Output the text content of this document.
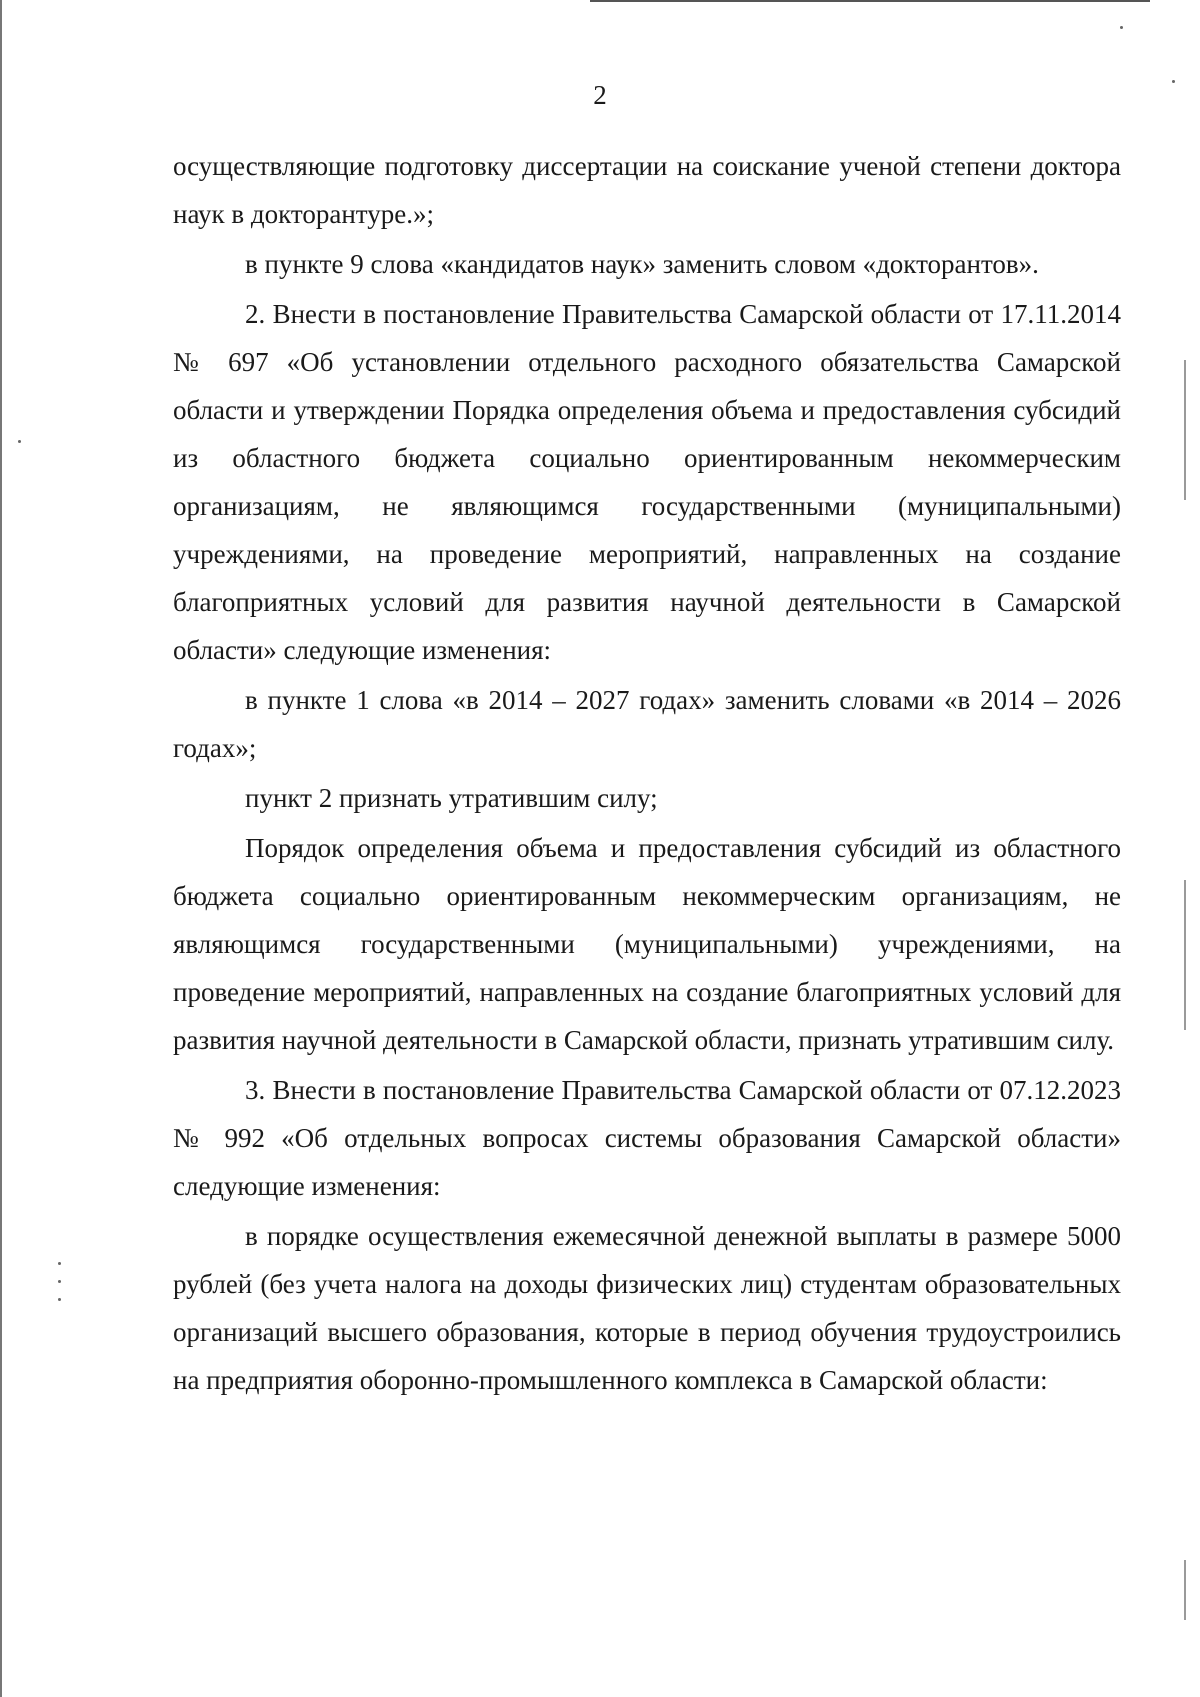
2

осуществляющие подготовку диссертации на соискание ученой степени доктора наук в докторантуре.»;

в пункте 9 слова «кандидатов наук» заменить словом «докторантов».

2. Внести в постановление Правительства Самарской области от 17.11.2014 № 697 «Об установлении отдельного расходного обязательства Самарской области и утверждении Порядка определения объема и предоставления субсидий из областного бюджета социально ориентированным некоммерческим организациям, не являющимся государственными (муниципальными) учреждениями, на проведение мероприятий, направленных на создание благоприятных условий для развития научной деятельности в Самарской области» следующие изменения:

в пункте 1 слова «в 2014 – 2027 годах» заменить словами «в 2014 – 2026 годах»;

пункт 2 признать утратившим силу;

Порядок определения объема и предоставления субсидий из областного бюджета социально ориентированным некоммерческим организациям, не являющимся государственными (муниципальными) учреждениями, на проведение мероприятий, направленных на создание благоприятных условий для развития научной деятельности в Самарской области, признать утратившим силу.

3. Внести в постановление Правительства Самарской области от 07.12.2023 № 992 «Об отдельных вопросах системы образования Самарской области» следующие изменения:

в порядке осуществления ежемесячной денежной выплаты в размере 5000 рублей (без учета налога на доходы физических лиц) студентам образовательных организаций высшего образования, которые в период обучения трудоустроились на предприятия оборонно-промышленного комплекса в Самарской области:
